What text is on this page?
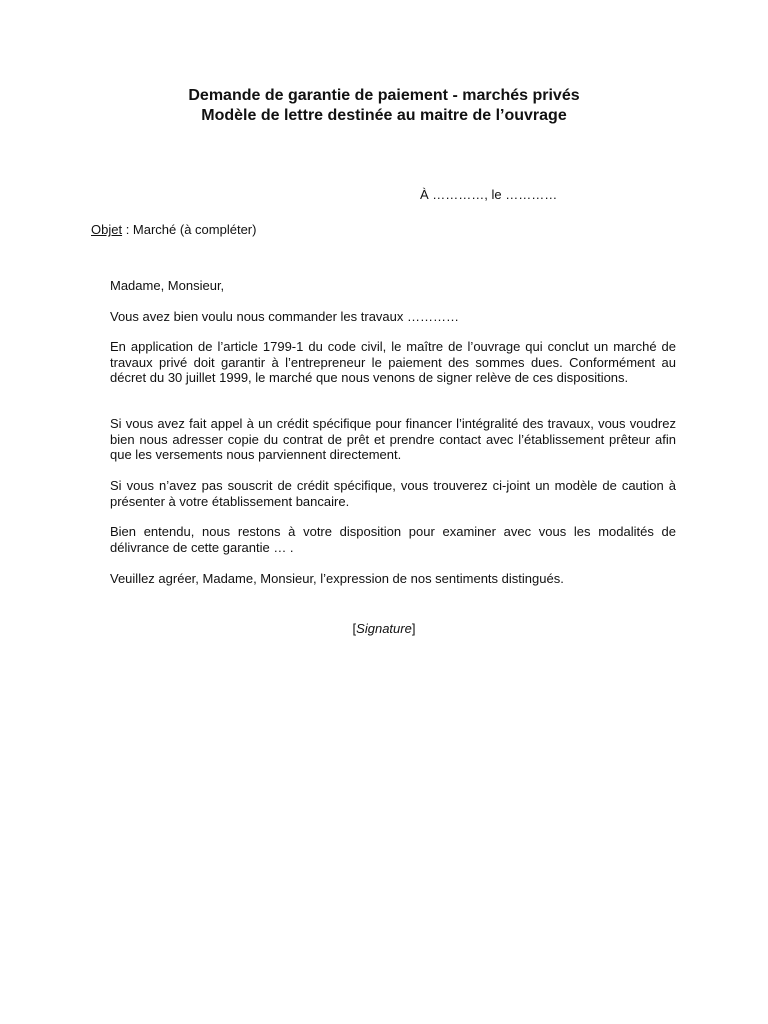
Demande de garantie de paiement - marchés privés

Modèle de lettre destinée au maitre de l’ouvrage

À …………, le …………
Objet : Marché (à compléter)

Madame, Monsieur,

Vous avez bien voulu nous commander les travaux …………

En application de l’article 1799-1 du code civil, le maître de l’ouvrage qui conclut un marché de travaux privé doit garantir à l’entrepreneur le paiement des sommes dues. Conformément au décret du 30 juillet 1999, le marché que nous venons de signer relève de ces dispositions.

Si vous avez fait appel à un crédit spécifique pour financer l’intégralité des travaux, vous voudrez bien nous adresser copie du contrat de prêt et prendre contact avec l’établissement prêteur afin que les versements nous parviennent directement.

Si vous n’avez pas souscrit de crédit spécifique, vous trouverez ci-joint un modèle de caution à présenter à votre établissement bancaire.

Bien entendu, nous restons à votre disposition pour examiner avec vous les modalités de délivrance de cette garantie … .

Veuillez agréer, Madame, Monsieur, l’expression de nos sentiments distingués.

[Signature]
